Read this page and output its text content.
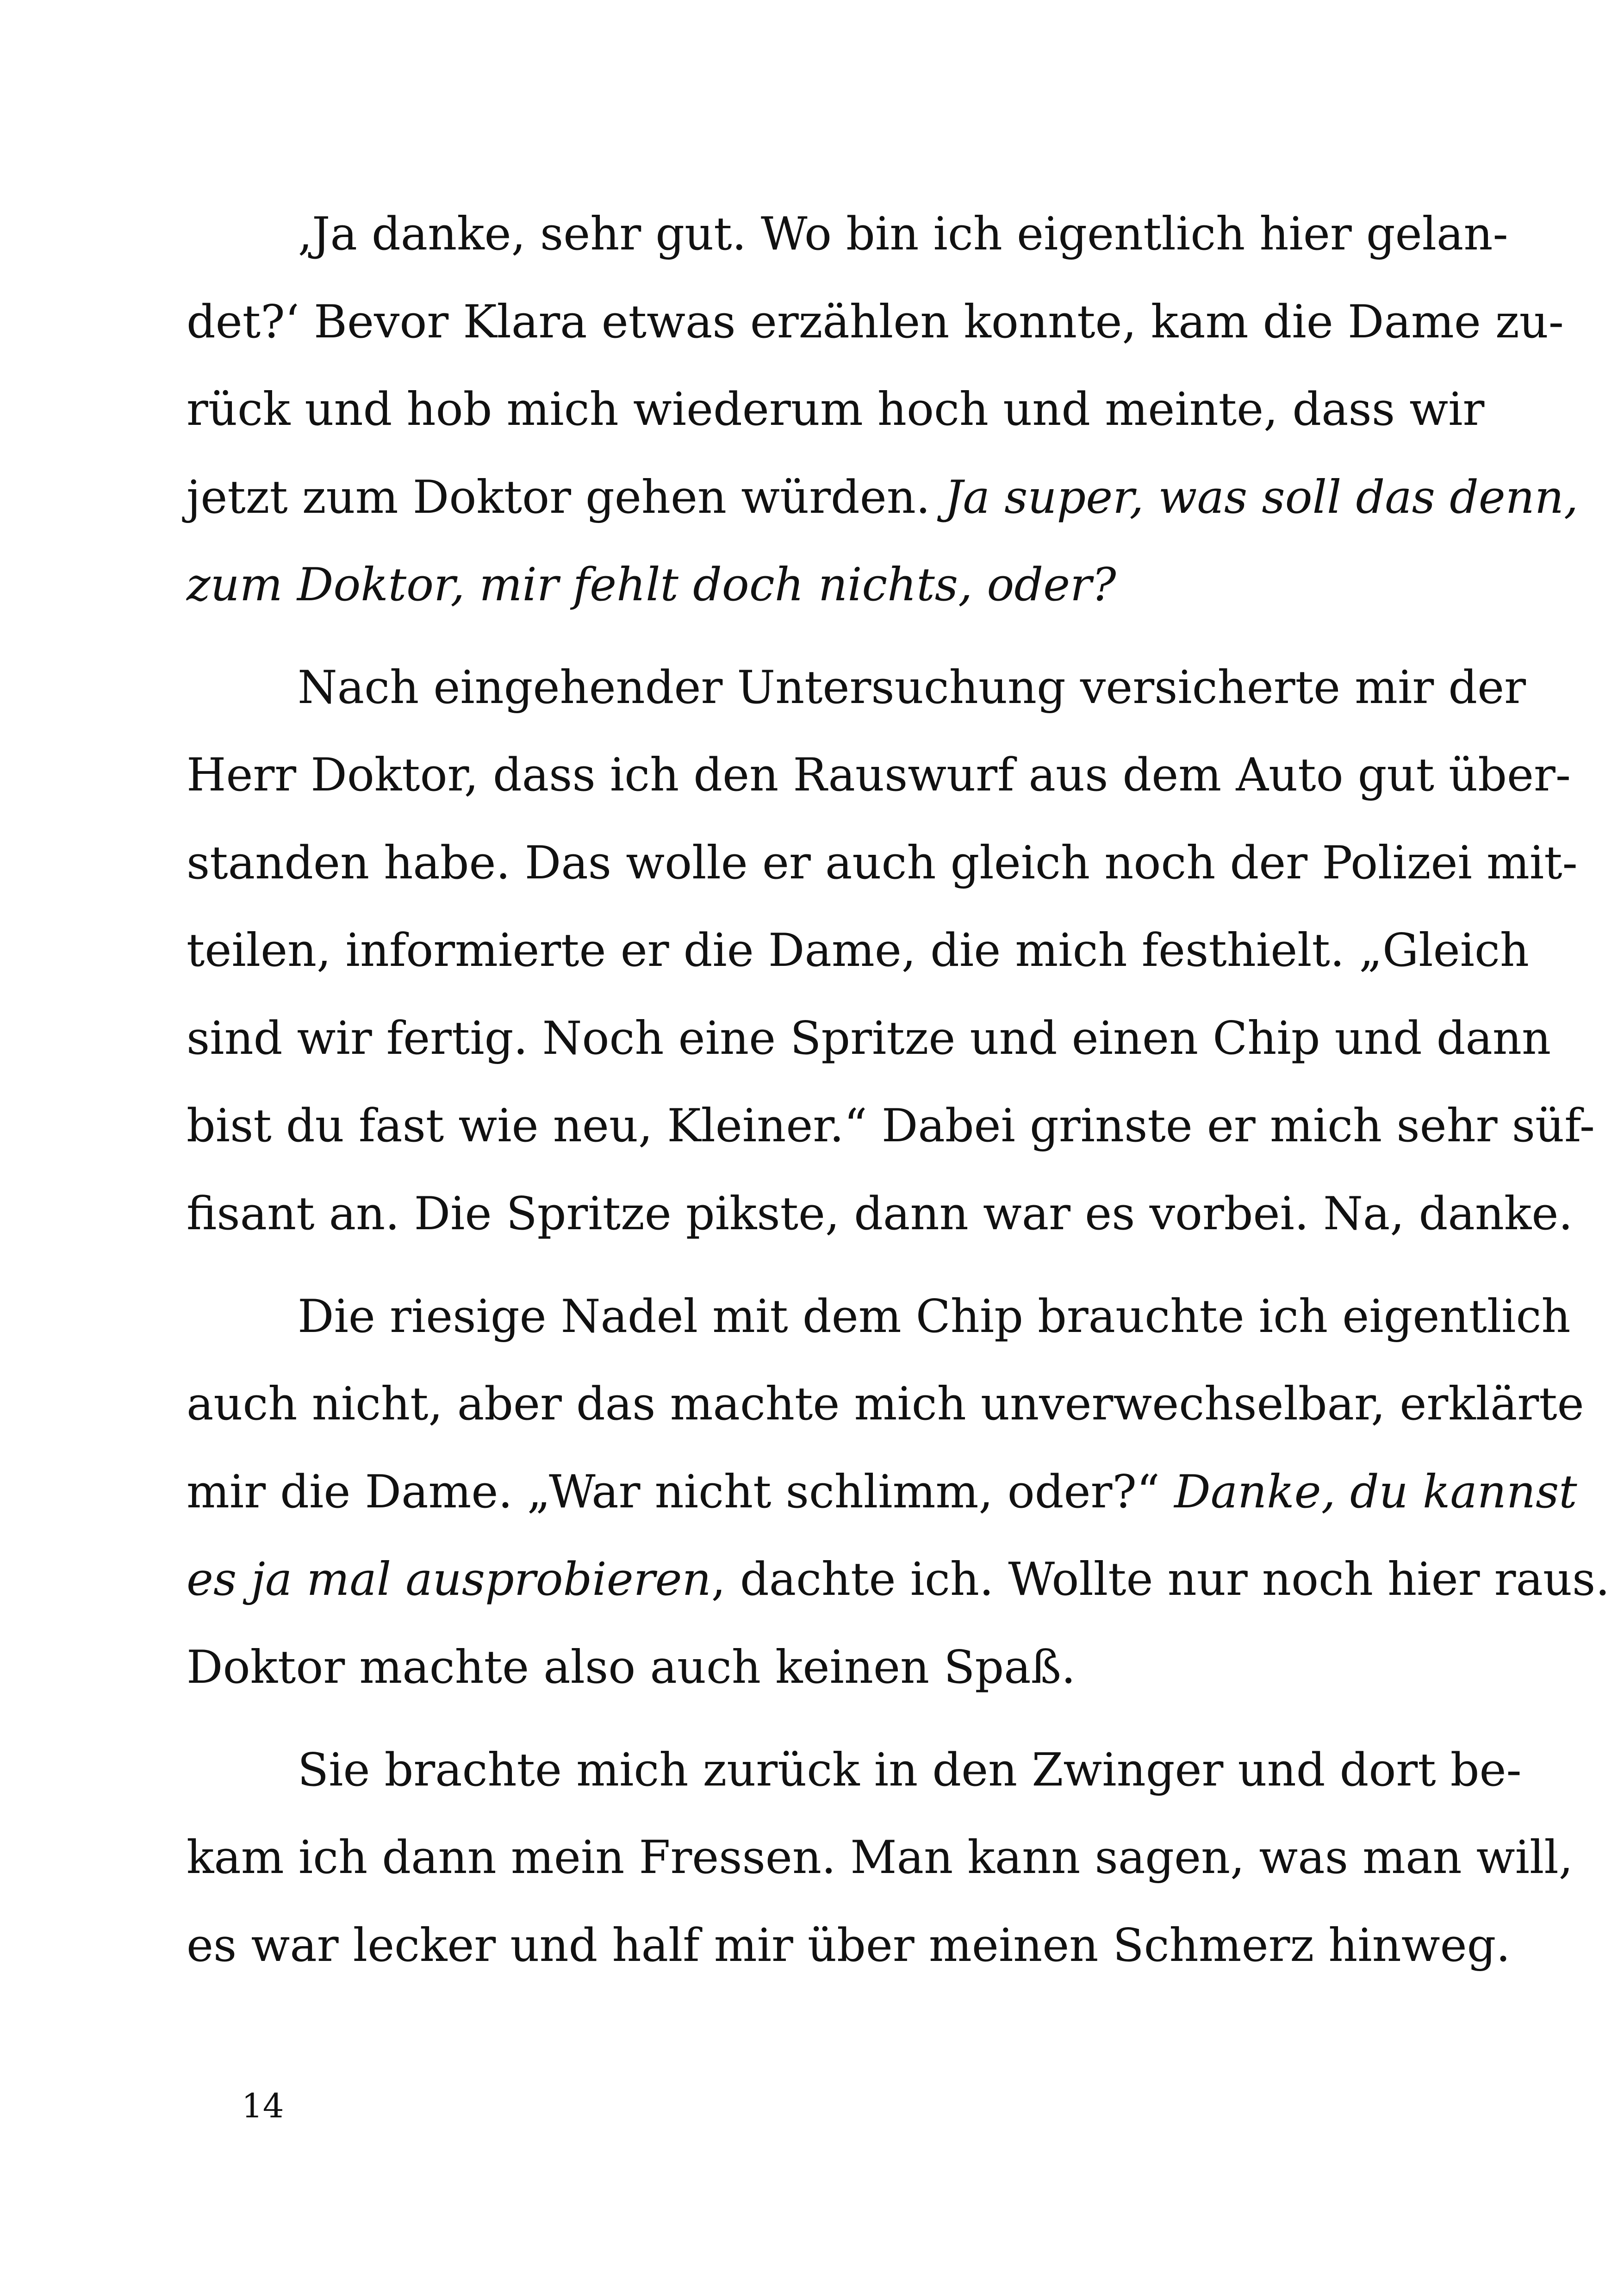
‚Ja danke, sehr gut. Wo bin ich eigentlich hier gelan-
det?‘ Bevor Klara etwas erzählen konnte, kam die Dame zu-
rück und hob mich wiederum hoch und meinte, dass wir
jetzt zum Doktor gehen würden. Ja super, was soll das denn,
zum Doktor, mir fehlt doch nichts, oder?
Nach eingehender Untersuchung versicherte mir der
Herr Doktor, dass ich den Rauswurf aus dem Auto gut über-
standen habe. Das wolle er auch gleich noch der Polizei mit-
teilen, informierte er die Dame, die mich festhielt. „Gleich
sind wir fertig. Noch eine Spritze und einen Chip und dann
bist du fast wie neu, Kleiner.“ Dabei grinste er mich sehr süf-
fisant an. Die Spritze pikste, dann war es vorbei. Na, danke.
Die riesige Nadel mit dem Chip brauchte ich eigentlich
auch nicht, aber das machte mich unverwechselbar, erklärte
mir die Dame. „War nicht schlimm, oder?“ Danke, du kannst
es ja mal ausprobieren, dachte ich. Wollte nur noch hier raus.
Doktor machte also auch keinen Spaß.
Sie brachte mich zurück in den Zwinger und dort be-
kam ich dann mein Fressen. Man kann sagen, was man will,
es war lecker und half mir über meinen Schmerz hinweg.
14
